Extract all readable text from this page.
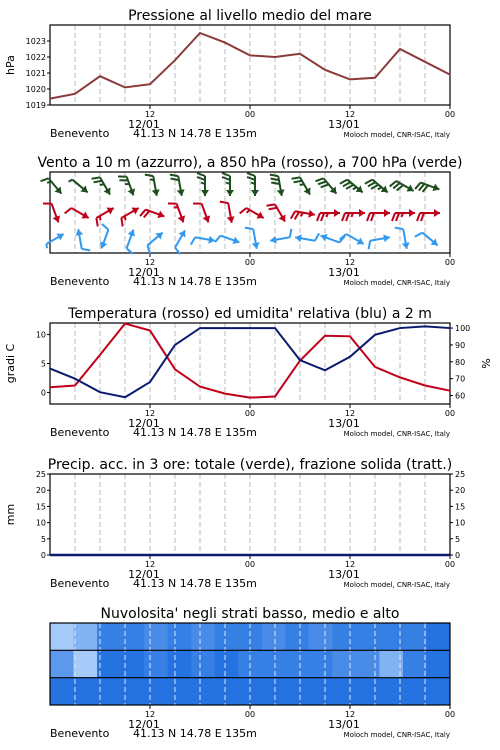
Pressione al livello medio del mare
12	00	12	00
12/01	13/01
Benevento 41.13 N 14.78 E 135m	Moloch model, CNR-ISAC, Italy
1019
1020
1021
1022
1023
hPa
Vento a 10 m (azzurro), a 850 hPa (rosso), a 700 hPa (verde)
12	00	12	00
12/01	13/01
Benevento 41.13 N 14.78 E 135m	Moloch model, CNR-ISAC, Italy
Temperatura (rosso) ed umidita' relativa (blu) a 2 m
12	00	12	00
12/01	13/01
Benevento 41.13 N 14.78 E 135m	Moloch model, CNR-ISAC, Italy
0
5
10
60
70
80
90
100
gradi C	%
Precip. acc. in 3 ore: totale (verde), frazione solida (tratt.)
12	00	12	00
12/01	13/01
Benevento 41.13 N 14.78 E 135m	Moloch model, CNR-ISAC, Italy
0
5
10
15
20
25
0
5
10
15
20
25
mm
Nuvolosita' negli strati basso, medio e alto
12	00	12	00
12/01	13/01
Benevento 41.13 N 14.78 E 135m	Moloch model, CNR-ISAC, Italy
